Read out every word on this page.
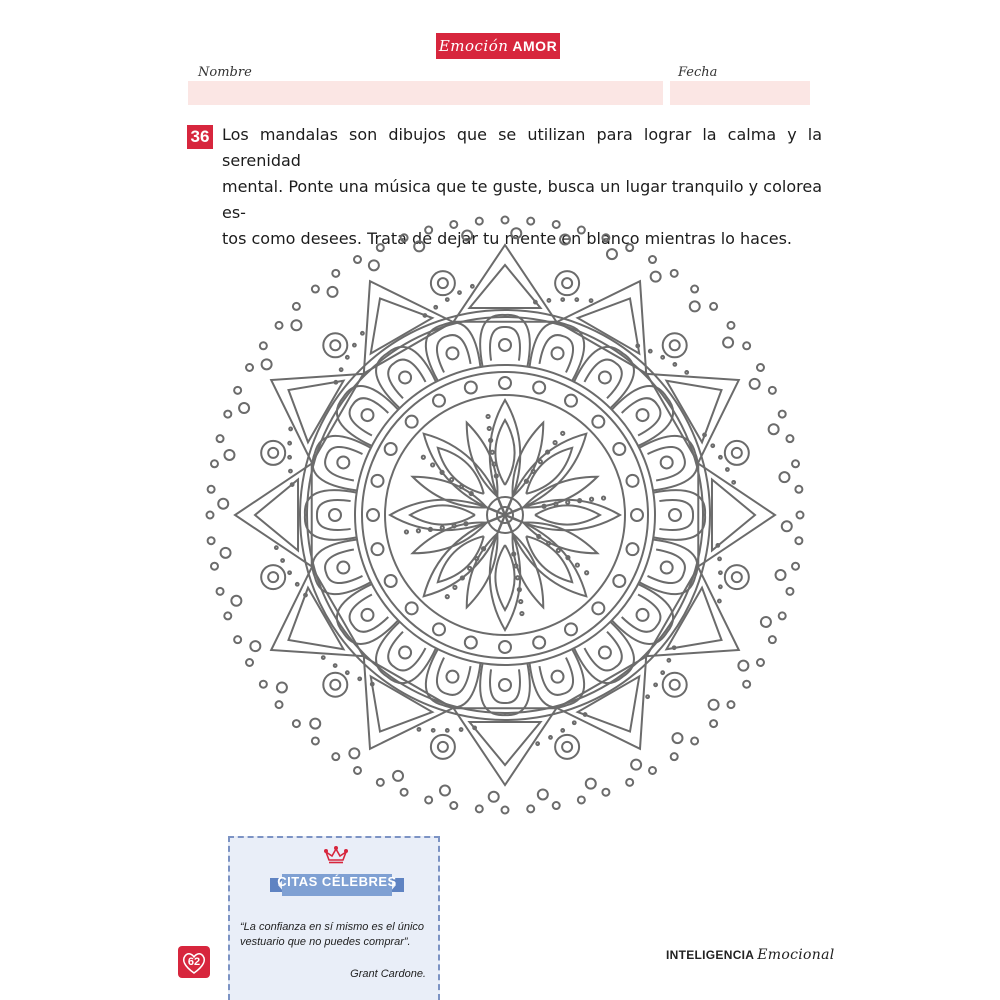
Emoción AMOR
Nombre	Fecha
36 Los mandalas son dibujos que se utilizan para lograr la calma y la serenidad
mental. Ponte una música que te guste, busca un lugar tranquilo y colorea es-
tos como desees. Trata de dejar tu mente en blanco mientras lo haces.
CITAS CÉLEBRES
“La confianza en sí mismo es el único vestuario que no puedes comprar”.
Grant Cardone.
62	INTELIGENCIA Emocional
